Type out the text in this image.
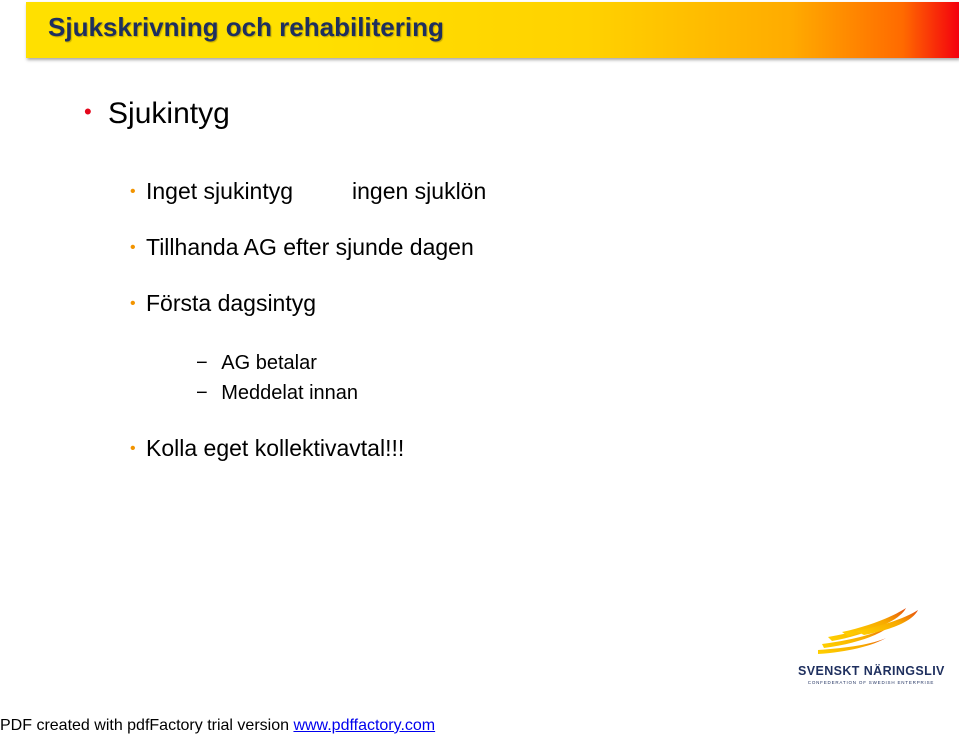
Sjukskrivning och rehabilitering
• Sjukintyg
• Inget sjukintyg	ingen sjuklön
• Tillhanda AG efter sjunde dagen
• Första dagsintyg
− AG betalar
− Meddelat innan
• Kolla eget kollektivavtal!!!
SVENSKT NÄRINGSLIV
CONFEDERATION OF SWEDISH ENTERPRISE
PDF created with pdfFactory trial version www.pdffactory.com
